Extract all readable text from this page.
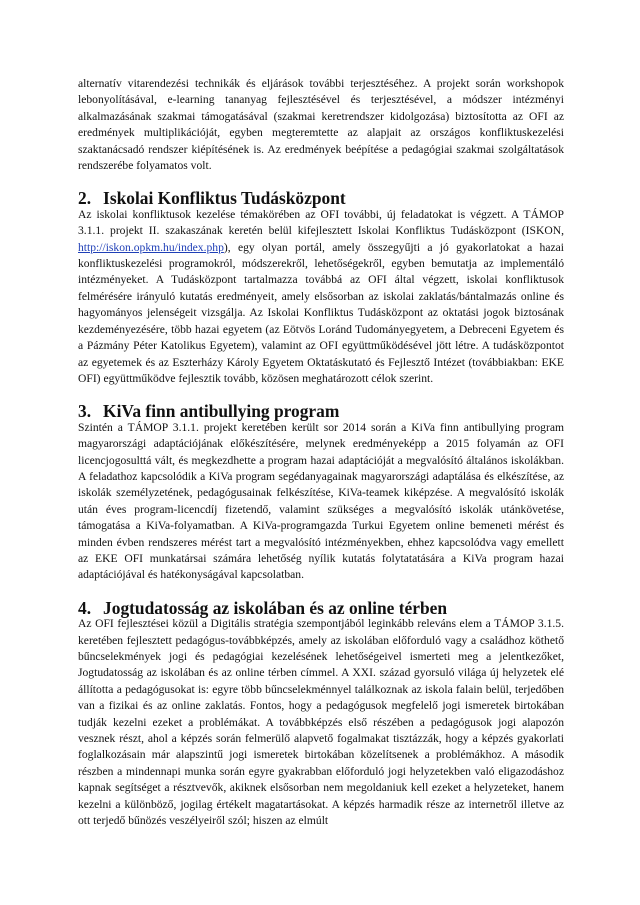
alternatív vitarendezési technikák és eljárások további terjesztéséhez. A projekt során workshopok lebonyolításával, e-learning tananyag fejlesztésével és terjesztésével, a módszer intézményi alkalmazásának szakmai támogatásával (szakmai keretrendszer kidolgozása) biztosította az OFI az eredmények multiplikációját, egyben megteremtette az alapjait az országos konfliktuskezelési szaktanácsadó rendszer kiépítésének is. Az eredmények beépítése a pedagógiai szakmai szolgáltatások rendszerébe folyamatos volt.

2. Iskolai Konfliktus Tudásközpont

Az iskolai konfliktusok kezelése témakörében az OFI további, új feladatokat is végzett. A TÁMOP 3.1.1. projekt II. szakaszának keretén belül kifejlesztett Iskolai Konfliktus Tudásközpont (ISKON, http://iskon.opkm.hu/index.php), egy olyan portál, amely összegyűjti a jó gyakorlatokat a hazai konfliktuskezelési programokról, módszerekről, lehetőségekről, egyben bemutatja az implementáló intézményeket. A Tudásközpont tartalmazza továbbá az OFI által végzett, iskolai konfliktusok felmérésére irányuló kutatás eredményeit, amely elsősorban az iskolai zaklatás/bántalmazás online és hagyományos jelenségeit vizsgálja. Az Iskolai Konfliktus Tudásközpont az oktatási jogok biztosának kezdeményezésére, több hazai egyetem (az Eötvös Loránd Tudományegyetem, a Debreceni Egyetem és a Pázmány Péter Katolikus Egyetem), valamint az OFI együttműködésével jött létre. A tudásközpontot az egyetemek és az Eszterházy Károly Egyetem Oktatáskutató és Fejlesztő Intézet (továbbiakban: EKE OFI) együttműködve fejlesztik tovább, közösen meghatározott célok szerint.

3. KiVa finn antibullying program

Szintén a TÁMOP 3.1.1. projekt keretében került sor 2014 során a KiVa finn antibullying program magyarországi adaptációjának előkészítésére, melynek eredményeképp a 2015 folyamán az OFI licencjogosulttá vált, és megkezdhette a program hazai adaptációját a megvalósító általános iskolákban. A feladathoz kapcsolódik a KiVa program segédanyagainak magyarországi adaptálása és elkészítése, az iskolák személyzetének, pedagógusainak felkészítése, KiVa-teamek kiképzése. A megvalósító iskolák után éves program-licencdíj fizetendő, valamint szükséges a megvalósító iskolák utánkövetése, támogatása a KiVa-folyamatban. A KiVa-programgazda Turkui Egyetem online bemeneti mérést és minden évben rendszeres mérést tart a megvalósító intézményekben, ehhez kapcsolódva vagy emellett az EKE OFI munkatársai számára lehetőség nyílik kutatás folytatatására a KiVa program hazai adaptációjával és hatékonyságával kapcsolatban.

4. Jogtudatosság az iskolában és az online térben

Az OFI fejlesztései közül a Digitális stratégia szempontjából leginkább releváns elem a TÁMOP 3.1.5. keretében fejlesztett pedagógus-továbbképzés, amely az iskolában előforduló vagy a családhoz köthető bűncselekmények jogi és pedagógiai kezelésének lehetőségeivel ismerteti meg a jelentkezőket, Jogtudatosság az iskolában és az online térben címmel. A XXI. század gyorsuló világa új helyzetek elé állította a pedagógusokat is: egyre több bűncselekménnyel találkoznak az iskola falain belül, terjedőben van a fizikai és az online zaklatás. Fontos, hogy a pedagógusok megfelelő jogi ismeretek birtokában tudják kezelni ezeket a problémákat. A továbbképzés első részében a pedagógusok jogi alapozón vesznek részt, ahol a képzés során felmerülő alapvető fogalmakat tisztázzák, hogy a képzés gyakorlati foglalkozásain már alapszintű jogi ismeretek birtokában közelítsenek a problémákhoz. A második részben a mindennapi munka során egyre gyakrabban előforduló jogi helyzetekben való eligazodáshoz kapnak segítséget a résztvevők, akiknek elsősorban nem megoldaniuk kell ezeket a helyzeteket, hanem kezelni a különböző, jogilag értékelt magatartásokat. A képzés harmadik része az internetről illetve az ott terjedő bűnözés veszélyeiről szól; hiszen az elmúlt
